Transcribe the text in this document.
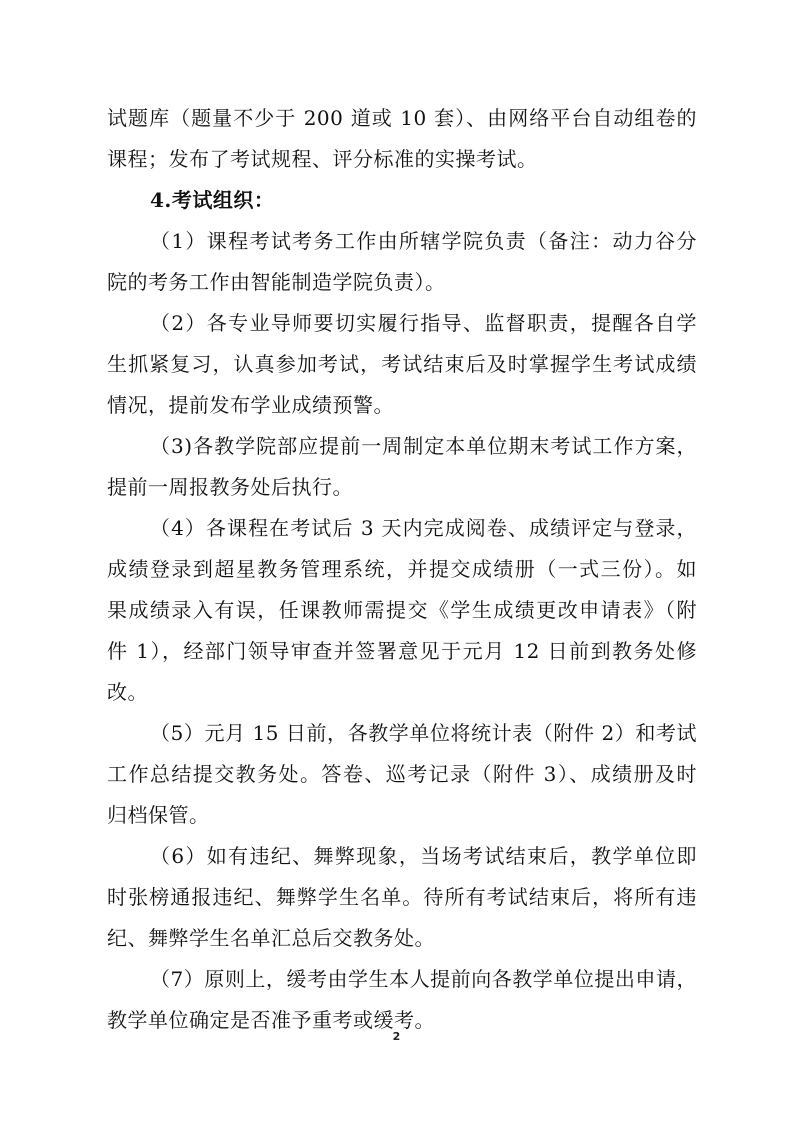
试题库（题量不少于 200 道或 10 套）、由网络平台自动组卷的
课程；发布了考试规程、评分标准的实操考试。
4.考试组织：
（1）课程考试考务工作由所辖学院负责（备注：动力谷分
院的考务工作由智能制造学院负责）。
（2）各专业导师要切实履行指导、监督职责，提醒各自学
生抓紧复习，认真参加考试，考试结束后及时掌握学生考试成绩
情况，提前发布学业成绩预警。
（3)各教学院部应提前一周制定本单位期末考试工作方案，
提前一周报教务处后执行。
（4）各课程在考试后 3 天内完成阅卷、成绩评定与登录，
成绩登录到超星教务管理系统，并提交成绩册（一式三份）。如
果成绩录入有误，任课教师需提交《学生成绩更改申请表》（附
件 1），经部门领导审查并签署意见于元月 12 日前到教务处修
改。
（5）元月 15 日前，各教学单位将统计表（附件 2）和考试
工作总结提交教务处。答卷、巡考记录（附件 3）、成绩册及时
归档保管。
（6）如有违纪、舞弊现象，当场考试结束后，教学单位即
时张榜通报违纪、舞弊学生名单。待所有考试结束后，将所有违
纪、舞弊学生名单汇总后交教务处。
（7）原则上，缓考由学生本人提前向各教学单位提出申请，
教学单位确定是否准予重考或缓考。
2
